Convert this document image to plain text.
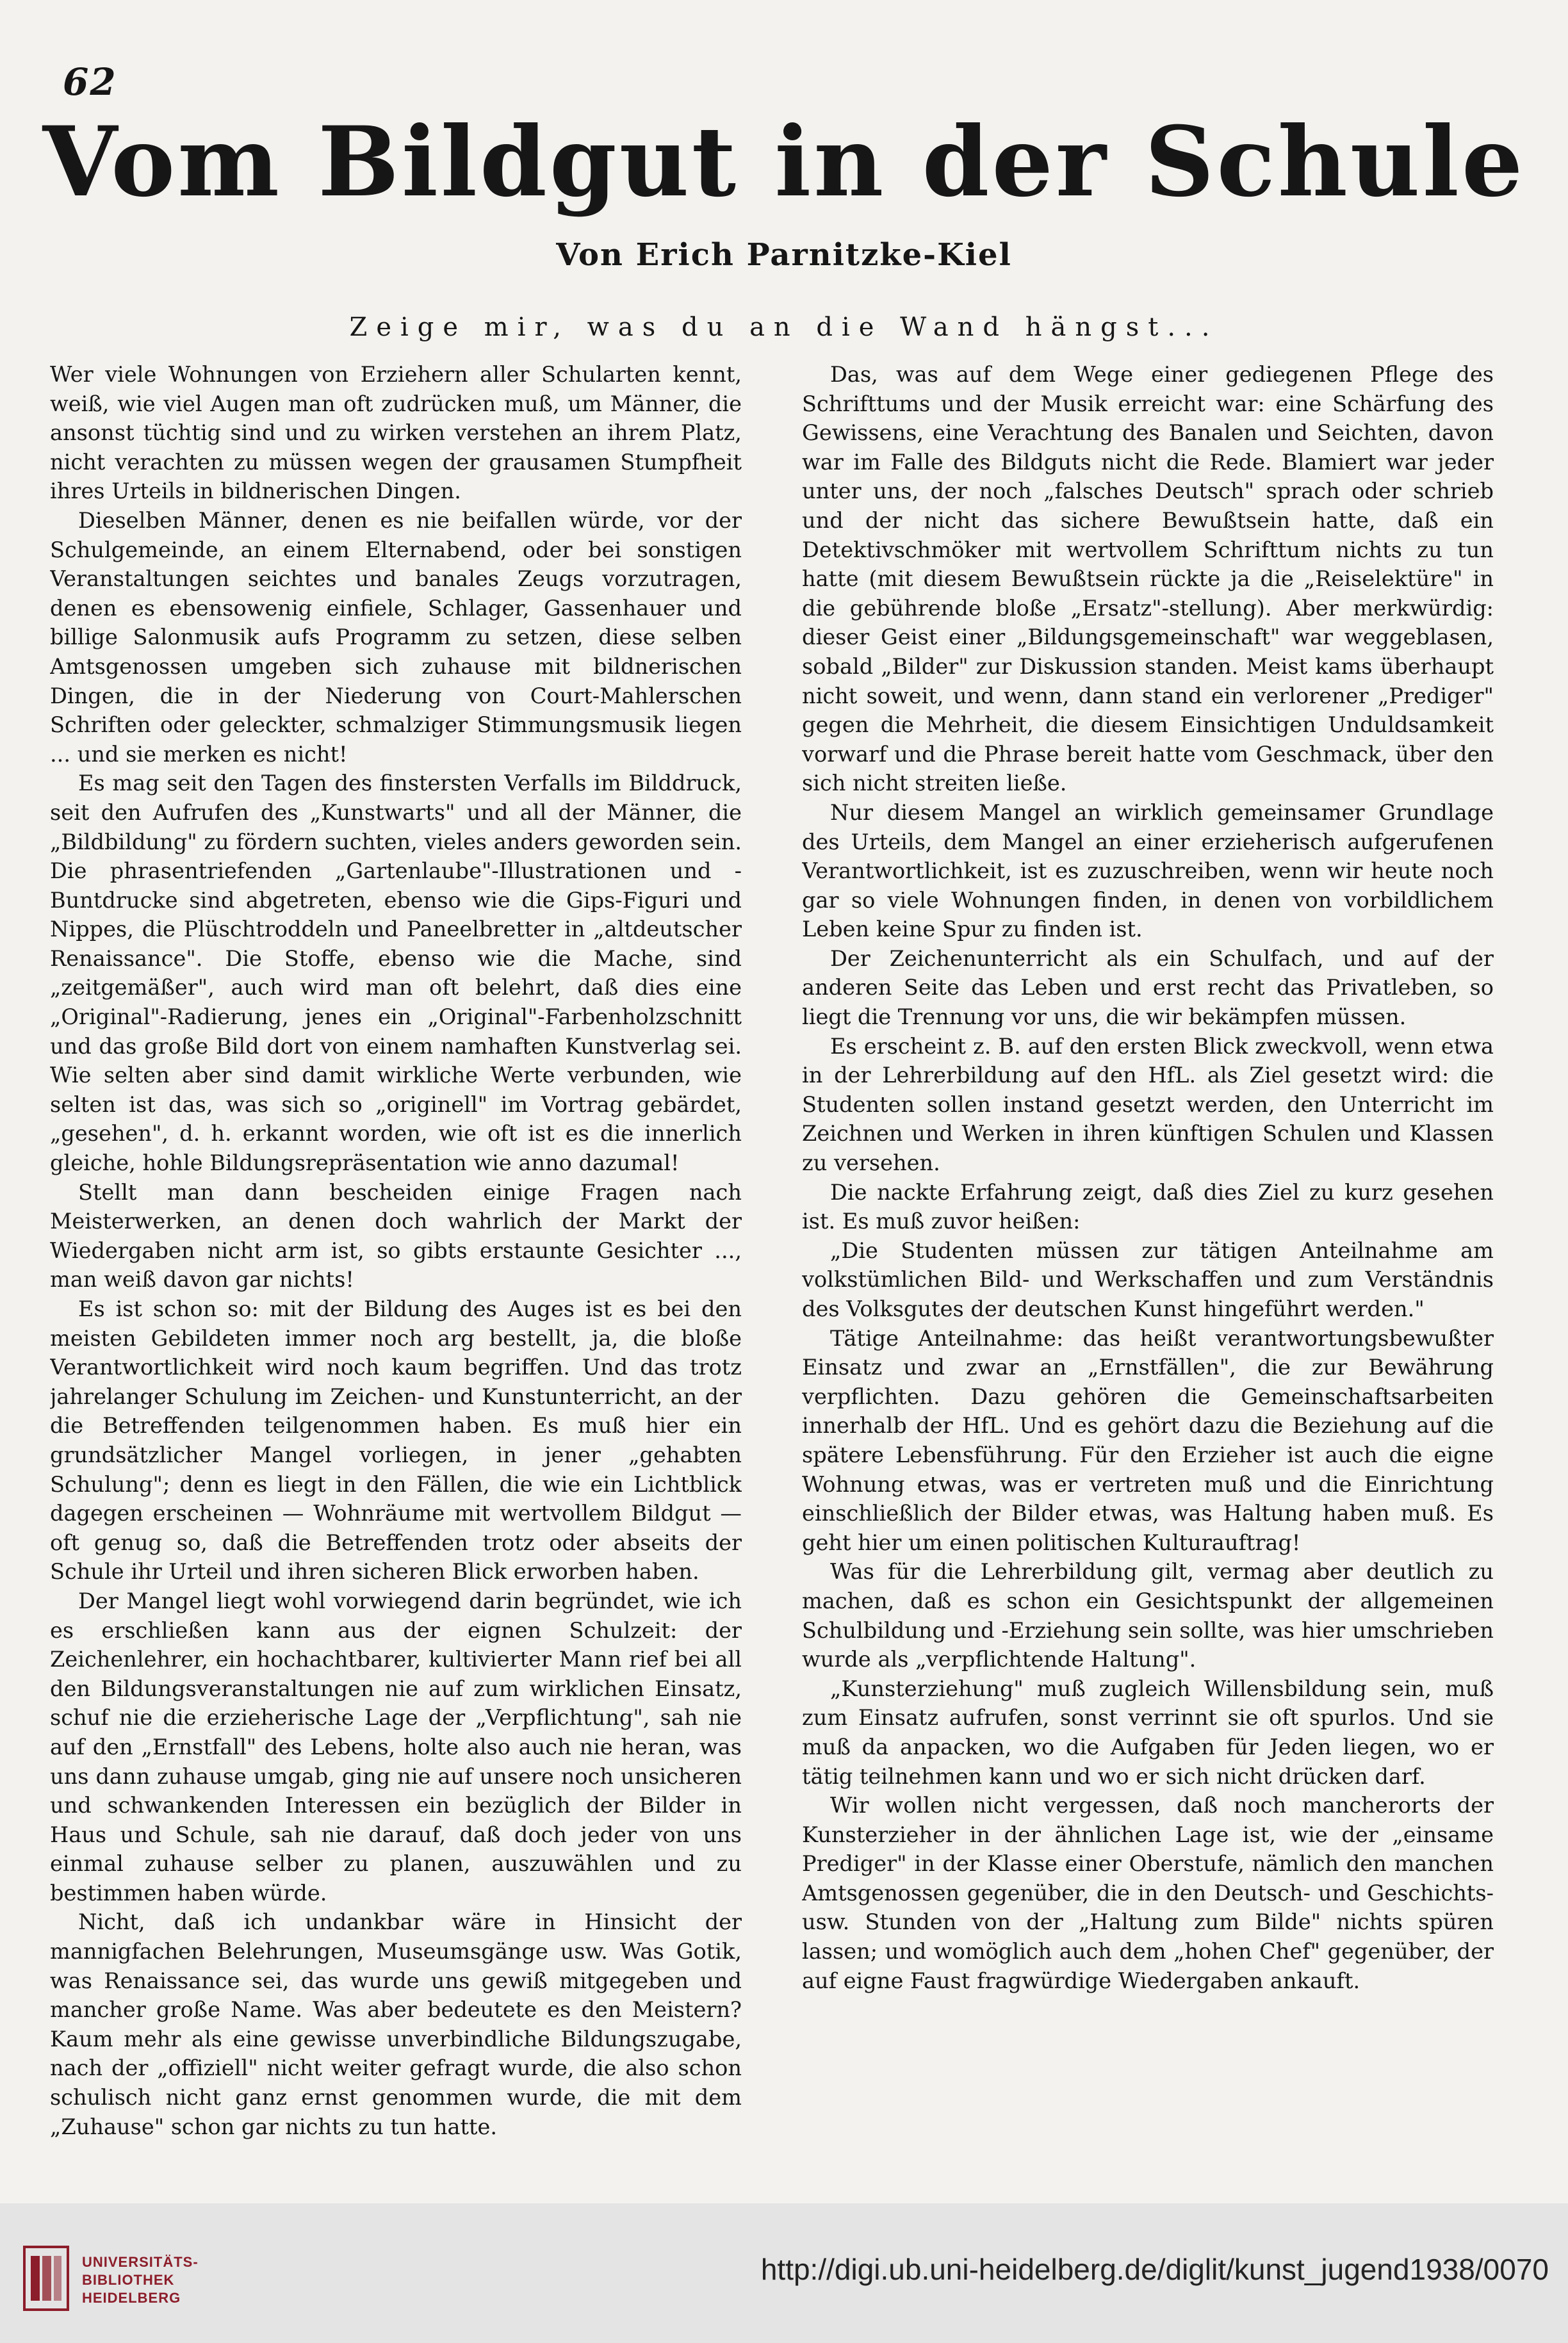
62
Vom Bildgut in der Schule
Von Erich Parnitzke-Kiel
Zeige mir, was du an die Wand hängst...

Wer viele Wohnungen von Erziehern aller Schularten kennt, weiß, wie viel Augen man oft zudrücken muß, um Männer, die ansonst tüchtig sind und zu wirken verstehen an ihrem Platz, nicht verachten zu müssen wegen der grausamen Stumpfheit ihres Urteils in bildnerischen Dingen.

Dieselben Männer, denen es nie beifallen würde, vor der Schulgemeinde, an einem Elternabend, oder bei sonstigen Veranstaltungen seichtes und banales Zeugs vorzutragen, denen es ebensowenig einfiele, Schlager, Gassenhauer und billige Salonmusik aufs Programm zu setzen, diese selben Amtsgenossen umgeben sich zuhause mit bildnerischen Dingen, die in der Niederung von Court-Mahlerschen Schriften oder geleckter, schmalziger Stimmungsmusik liegen ... und sie merken es nicht!

Es mag seit den Tagen des finstersten Verfalls im Bilddruck, seit den Aufrufen des „Kunstwarts" und all der Männer, die „Bildbildung" zu fördern suchten, vieles anders geworden sein. Die phrasentriefenden „Gartenlaube"-Illustrationen und -Buntdrucke sind abgetreten, ebenso wie die Gips-Figuri und Nippes, die Plüschtroddeln und Paneelbretter in „altdeutscher Renaissance". Die Stoffe, ebenso wie die Mache, sind „zeitgemäßer", auch wird man oft belehrt, daß dies eine „Original"-Radierung, jenes ein „Original"-Farbenholzschnitt und das große Bild dort von einem namhaften Kunstverlag sei. Wie selten aber sind damit wirkliche Werte verbunden, wie selten ist das, was sich so „originell" im Vortrag gebärdet, „gesehen", d. h. erkannt worden, wie oft ist es die innerlich gleiche, hohle Bildungsrepräsentation wie anno dazumal!

Stellt man dann bescheiden einige Fragen nach Meisterwerken, an denen doch wahrlich der Markt der Wiedergaben nicht arm ist, so gibts erstaunte Gesichter ..., man weiß davon gar nichts!

Es ist schon so: mit der Bildung des Auges ist es bei den meisten Gebildeten immer noch arg bestellt, ja, die bloße Verantwortlichkeit wird noch kaum begriffen. Und das trotz jahrelanger Schulung im Zeichen- und Kunstunterricht, an der die Betreffenden teilgenommen haben. Es muß hier ein grundsätzlicher Mangel vorliegen, in jener „gehabten Schulung"; denn es liegt in den Fällen, die wie ein Lichtblick dagegen erscheinen — Wohnräume mit wertvollem Bildgut — oft genug so, daß die Betreffenden trotz oder abseits der Schule ihr Urteil und ihren sicheren Blick erworben haben.

Der Mangel liegt wohl vorwiegend darin begründet, wie ich es erschließen kann aus der eignen Schulzeit: der Zeichenlehrer, ein hochachtbarer, kultivierter Mann rief bei all den Bildungsveranstaltungen nie auf zum wirklichen Einsatz, schuf nie die erzieherische Lage der „Verpflichtung", sah nie auf den „Ernstfall" des Lebens, holte also auch nie heran, was uns dann zuhause umgab, ging nie auf unsere noch unsicheren und schwankenden Interessen ein bezüglich der Bilder in Haus und Schule, sah nie darauf, daß doch jeder von uns einmal zuhause selber zu planen, auszuwählen und zu bestimmen haben würde.

Nicht, daß ich undankbar wäre in Hinsicht der mannigfachen Belehrungen, Museumsgänge usw. Was Gotik, was Renaissance sei, das wurde uns gewiß mitgegeben und mancher große Name. Was aber bedeutete es den Meistern? Kaum mehr als eine gewisse unverbindliche Bildungszugabe, nach der „offiziell" nicht weiter gefragt wurde, die also schon schulisch nicht ganz ernst genommen wurde, die mit dem „Zuhause" schon gar nichts zu tun hatte.

Das, was auf dem Wege einer gediegenen Pflege des Schrifttums und der Musik erreicht war: eine Schärfung des Gewissens, eine Verachtung des Banalen und Seichten, davon war im Falle des Bildguts nicht die Rede. Blamiert war jeder unter uns, der noch „falsches Deutsch" sprach oder schrieb und der nicht das sichere Bewußtsein hatte, daß ein Detektivschmöker mit wertvollem Schrifttum nichts zu tun hatte (mit diesem Bewußtsein rückte ja die „Reiselektüre" in die gebührende bloße „Ersatz"-stellung). Aber merkwürdig: dieser Geist einer „Bildungsgemeinschaft" war weggeblasen, sobald „Bilder" zur Diskussion standen. Meist kams überhaupt nicht soweit, und wenn, dann stand ein verlorener „Prediger" gegen die Mehrheit, die diesem Einsichtigen Unduldsamkeit vorwarf und die Phrase bereit hatte vom Geschmack, über den sich nicht streiten ließe.

Nur diesem Mangel an wirklich gemeinsamer Grundlage des Urteils, dem Mangel an einer erzieherisch aufgerufenen Verantwortlichkeit, ist es zuzuschreiben, wenn wir heute noch gar so viele Wohnungen finden, in denen von vorbildlichem Leben keine Spur zu finden ist.

Der Zeichenunterricht als ein Schulfach, und auf der anderen Seite das Leben und erst recht das Privatleben, so liegt die Trennung vor uns, die wir bekämpfen müssen.

Es erscheint z. B. auf den ersten Blick zweckvoll, wenn etwa in der Lehrerbildung auf den HfL. als Ziel gesetzt wird: die Studenten sollen instand gesetzt werden, den Unterricht im Zeichnen und Werken in ihren künftigen Schulen und Klassen zu versehen.

Die nackte Erfahrung zeigt, daß dies Ziel zu kurz gesehen ist. Es muß zuvor heißen:

„Die Studenten müssen zur tätigen Anteilnahme am volkstümlichen Bild- und Werkschaffen und zum Verständnis des Volksgutes der deutschen Kunst hingeführt werden."

Tätige Anteilnahme: das heißt verantwortungsbewußter Einsatz und zwar an „Ernstfällen", die zur Bewährung verpflichten. Dazu gehören die Gemeinschaftsarbeiten innerhalb der HfL. Und es gehört dazu die Beziehung auf die spätere Lebensführung. Für den Erzieher ist auch die eigne Wohnung etwas, was er vertreten muß und die Einrichtung einschließlich der Bilder etwas, was Haltung haben muß. Es geht hier um einen politischen Kulturauftrag!

Was für die Lehrerbildung gilt, vermag aber deutlich zu machen, daß es schon ein Gesichtspunkt der allgemeinen Schulbildung und -Erziehung sein sollte, was hier umschrieben wurde als „verpflichtende Haltung".

„Kunsterziehung" muß zugleich Willensbildung sein, muß zum Einsatz aufrufen, sonst verrinnt sie oft spurlos. Und sie muß da anpacken, wo die Aufgaben für Jeden liegen, wo er tätig teilnehmen kann und wo er sich nicht drücken darf.

Wir wollen nicht vergessen, daß noch mancherorts der Kunsterzieher in der ähnlichen Lage ist, wie der „einsame Prediger" in der Klasse einer Oberstufe, nämlich den manchen Amtsgenossen gegenüber, die in den Deutsch- und Geschichts- usw. Stunden von der „Haltung zum Bilde" nichts spüren lassen; und womöglich auch dem „hohen Chef" gegenüber, der auf eigne Faust fragwürdige Wiedergaben ankauft.

UNIVERSITÄTS-
BIBLIOTHEK
HEIDELBERG
http://digi.ub.uni-heidelberg.de/diglit/kunst_jugend1938/0070
